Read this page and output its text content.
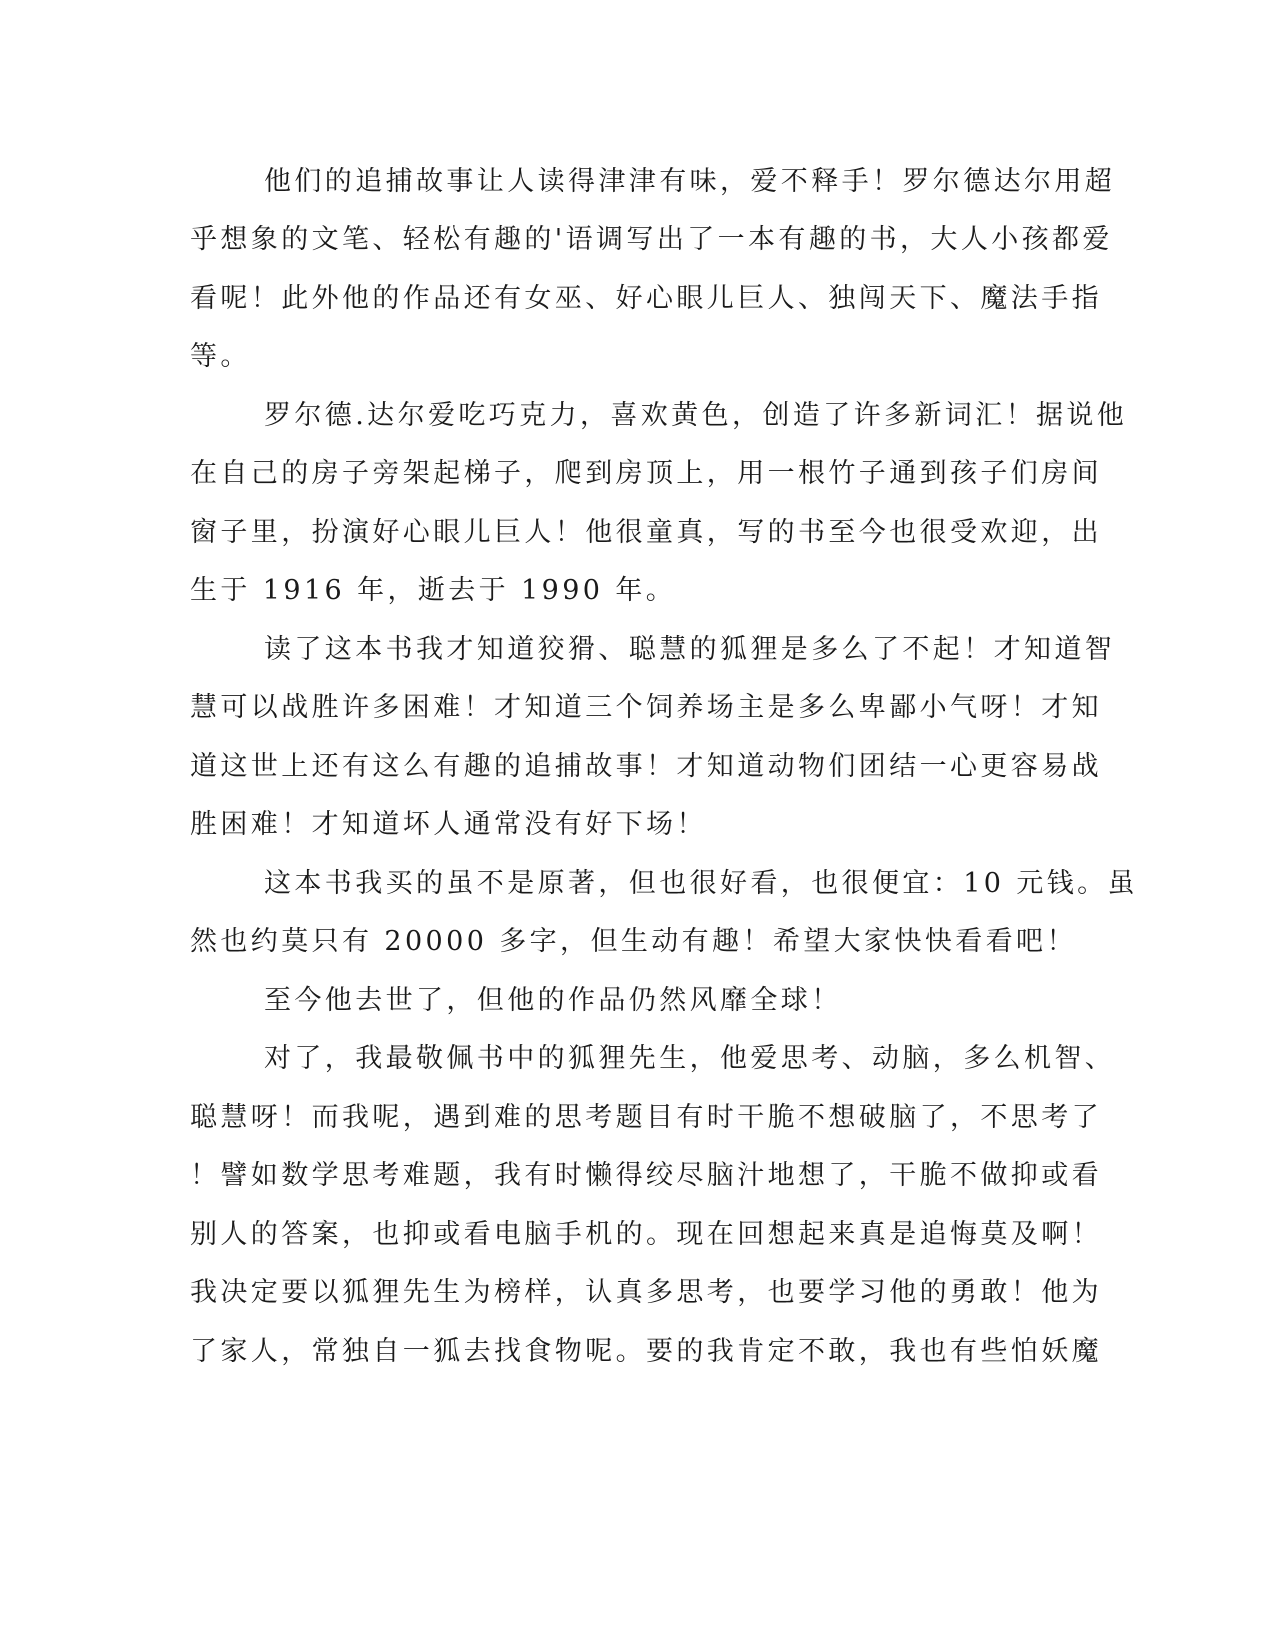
他们的追捕故事让人读得津津有味，爱不释手！罗尔德达尔用超
乎想象的文笔、轻松有趣的'语调写出了一本有趣的书，大人小孩都爱
看呢！此外他的作品还有女巫、好心眼儿巨人、独闯天下、魔法手指
等。
罗尔德.达尔爱吃巧克力，喜欢黄色，创造了许多新词汇！据说他
在自己的房子旁架起梯子，爬到房顶上，用一根竹子通到孩子们房间
窗子里，扮演好心眼儿巨人！他很童真，写的书至今也很受欢迎，出
生于 1916 年，逝去于 1990 年。
读了这本书我才知道狡猾、聪慧的狐狸是多么了不起！才知道智
慧可以战胜许多困难！才知道三个饲养场主是多么卑鄙小气呀！才知
道这世上还有这么有趣的追捕故事！才知道动物们团结一心更容易战
胜困难！才知道坏人通常没有好下场！
这本书我买的虽不是原著，但也很好看，也很便宜：10 元钱。虽
然也约莫只有 20000 多字，但生动有趣！希望大家快快看看吧！
至今他去世了，但他的作品仍然风靡全球！
对了，我最敬佩书中的狐狸先生，他爱思考、动脑，多么机智、
聪慧呀！而我呢，遇到难的思考题目有时干脆不想破脑了，不思考了
！譬如数学思考难题，我有时懒得绞尽脑汁地想了，干脆不做抑或看
别人的答案，也抑或看电脑手机的。现在回想起来真是追悔莫及啊！
我决定要以狐狸先生为榜样，认真多思考，也要学习他的勇敢！他为
了家人，常独自一狐去找食物呢。要的我肯定不敢，我也有些怕妖魔
